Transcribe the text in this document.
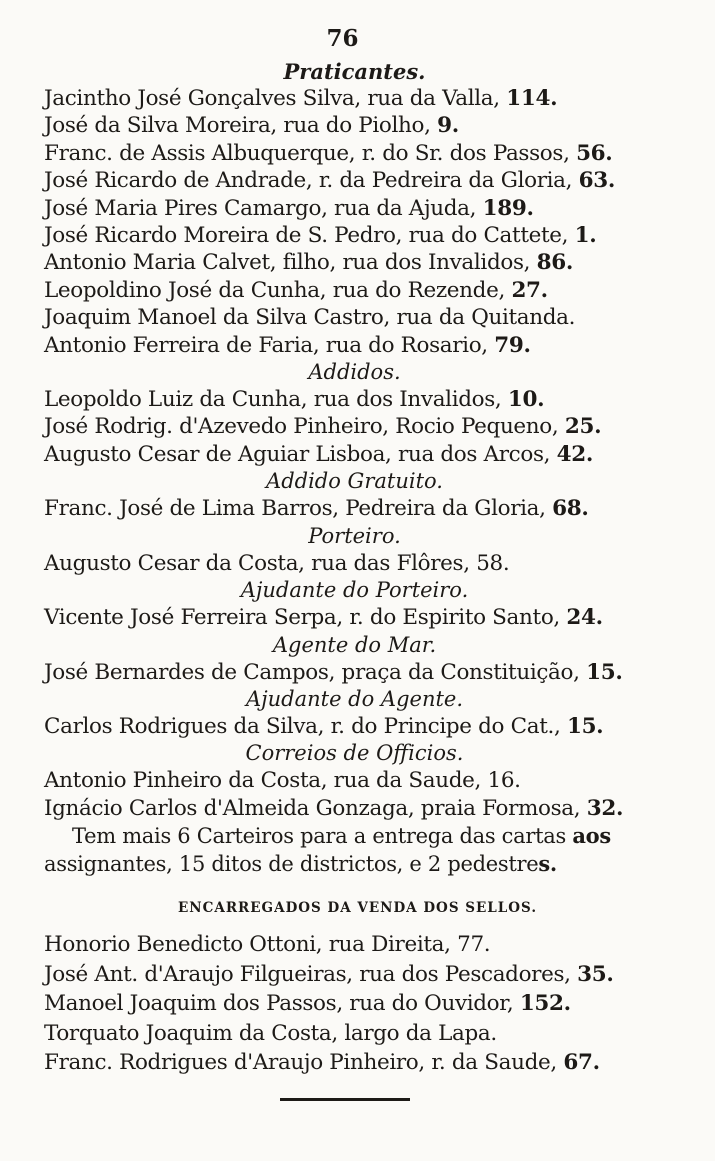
76
Praticantes.
Jacintho José Gonçalves Silva, rua da Valla, 114.
José da Silva Moreira, rua do Piolho, 9.
Franc. de Assis Albuquerque, r. do Sr. dos Passos, 56.
José Ricardo de Andrade, r. da Pedreira da Gloria, 63.
José Maria Pires Camargo, rua da Ajuda, 189.
José Ricardo Moreira de S. Pedro, rua do Cattete, 1.
Antonio Maria Calvet, filho, rua dos Invalidos, 86.
Leopoldino José da Cunha, rua do Rezende, 27.
Joaquim Manoel da Silva Castro, rua da Quitanda.
Antonio Ferreira de Faria, rua do Rosario, 79.
Addidos.
Leopoldo Luiz da Cunha, rua dos Invalidos, 10.
José Rodrig. d'Azevedo Pinheiro, Rocio Pequeno, 25.
Augusto Cesar de Aguiar Lisboa, rua dos Arcos, 42.
Addido Gratuito.
Franc. José de Lima Barros, Pedreira da Gloria, 68.
Porteiro.
Augusto Cesar da Costa, rua das Flôres, 58.
Ajudante do Porteiro.
Vicente José Ferreira Serpa, r. do Espirito Santo, 24.
Agente do Mar.
José Bernardes de Campos, praça da Constituição, 15.
Ajudante do Agente.
Carlos Rodrigues da Silva, r. do Principe do Cat., 15.
Correios de Officios.
Antonio Pinheiro da Costa, rua da Saude, 16.
Ignácio Carlos d'Almeida Gonzaga, praia Formosa, 32.
Tem mais 6 Carteiros para a entrega das cartas aos
assignantes, 15 ditos de districtos, e 2 pedestres.
ENCARREGADOS DA VENDA DOS SELLOS.
Honorio Benedicto Ottoni, rua Direita, 77.
José Ant. d'Araujo Filgueiras, rua dos Pescadores, 35.
Manoel Joaquim dos Passos, rua do Ouvidor, 152.
Torquato Joaquim da Costa, largo da Lapa.
Franc. Rodrigues d'Araujo Pinheiro, r. da Saude, 67.
